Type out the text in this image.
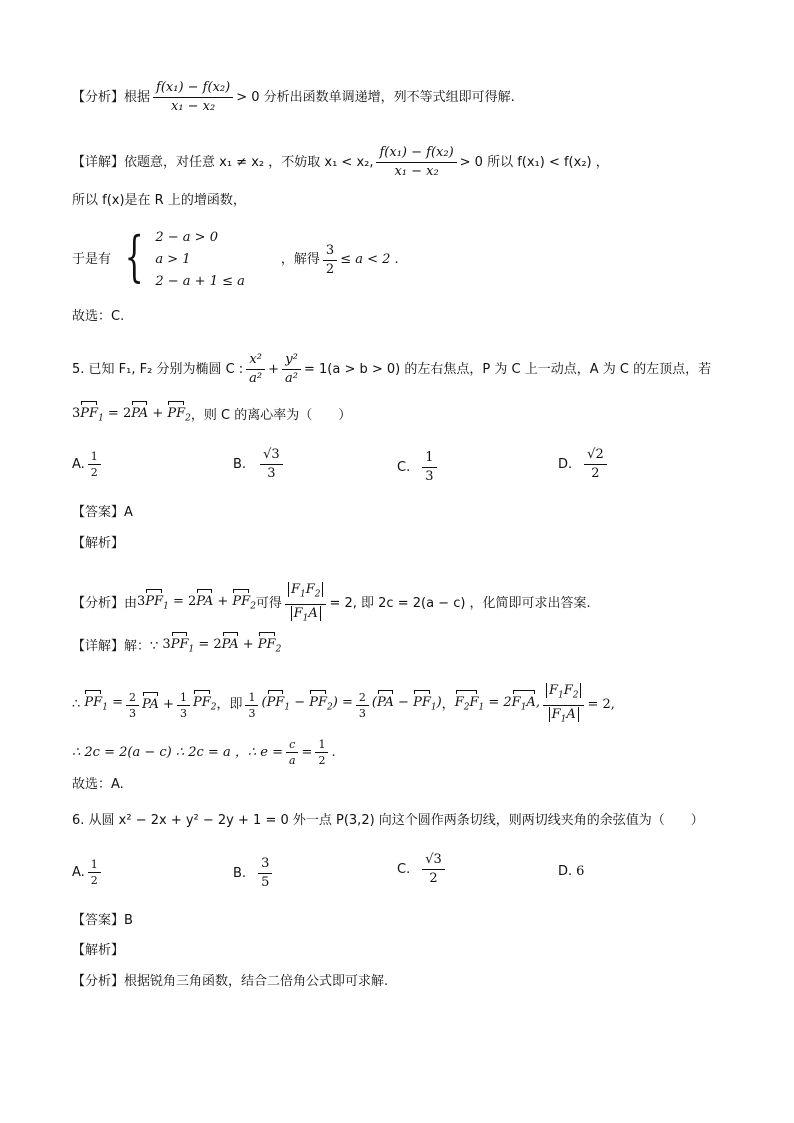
【分析】 根据 $\frac{\text{f(x₁) − f(x₂)}}{\text{x₁ − x₂}} > 0$ 分析出函数单调递增，列不等式组即可得解.
【详解】 依题意，对任意 x₁ ≠ x₂ ，不妨取 x₁ < x₂, $\frac{\text{f(x₁) − f(x₂)}}{\text{x₁ − x₂}} > 0$ 所以 f(x₁) < f(x₂) ，
所以 f(x)是在 R 上的增函数，
于是有 { 2 − a > 0
a > 1
2 − a + 1 ≤ a
，解得 $\frac{3}{2} \le a < 2$ .
故选：C.
5. 已知 F₁, F₂ 分别为椭圆 C : $\frac{\text{x²}}{\text{a²}} + \frac{\text{y²}}{\text{a²}} = 1(a > b > 0)$ 的左右焦点，P 为 C 上一动点，A 为 C 的左顶点，若
$3PF_1 = 2PA + PF_2$ ，则 C 的离心率为（　　）
A. $\frac{1}{2}$	B. $\frac{√3}{3}$	C. $\frac{1}{3}$	D. $\frac{√2}{2}$
【答案】A
【解析】
【分析】 由 $3PF_1 = 2PA + PF_2$ 可得 $\frac{F_1F_2}{F_1A} = 2$, 即 2c = 2(a − c) ，化简即可求出答案.
【详解】 解：∵ $3PF_1 = 2PA + PF_2$
∴ $PF_1 = \frac{2}{3}$ PA + $\frac{1}{3} PF_2$ ，即 $\frac{1}{3} (PF_1 - PF_2) = \frac{2}{3} (PA - PF_1)$ ， $F_2F_1 = 2F_1A$, $\frac{F_1F_2}{F_1A} = 2$,
∴ 2c = 2(a − c) ∴ 2c = a ，∴ $e = \frac{c}{a} = \frac{1}{2}$ .
故选：A.
6. 从圆 x² − 2x + y² − 2y + 1 = 0 外一点 P(3,2) 向这个圆作两条切线，则两切线夹角的余弦值为（　　）
A. $\frac{1}{2}$	B. $\frac{3}{5}$	C. $\frac{√3}{2}$	D. 6
【答案】B
【解析】
【分析】根据锐角三角函数，结合二倍角公式即可求解.
